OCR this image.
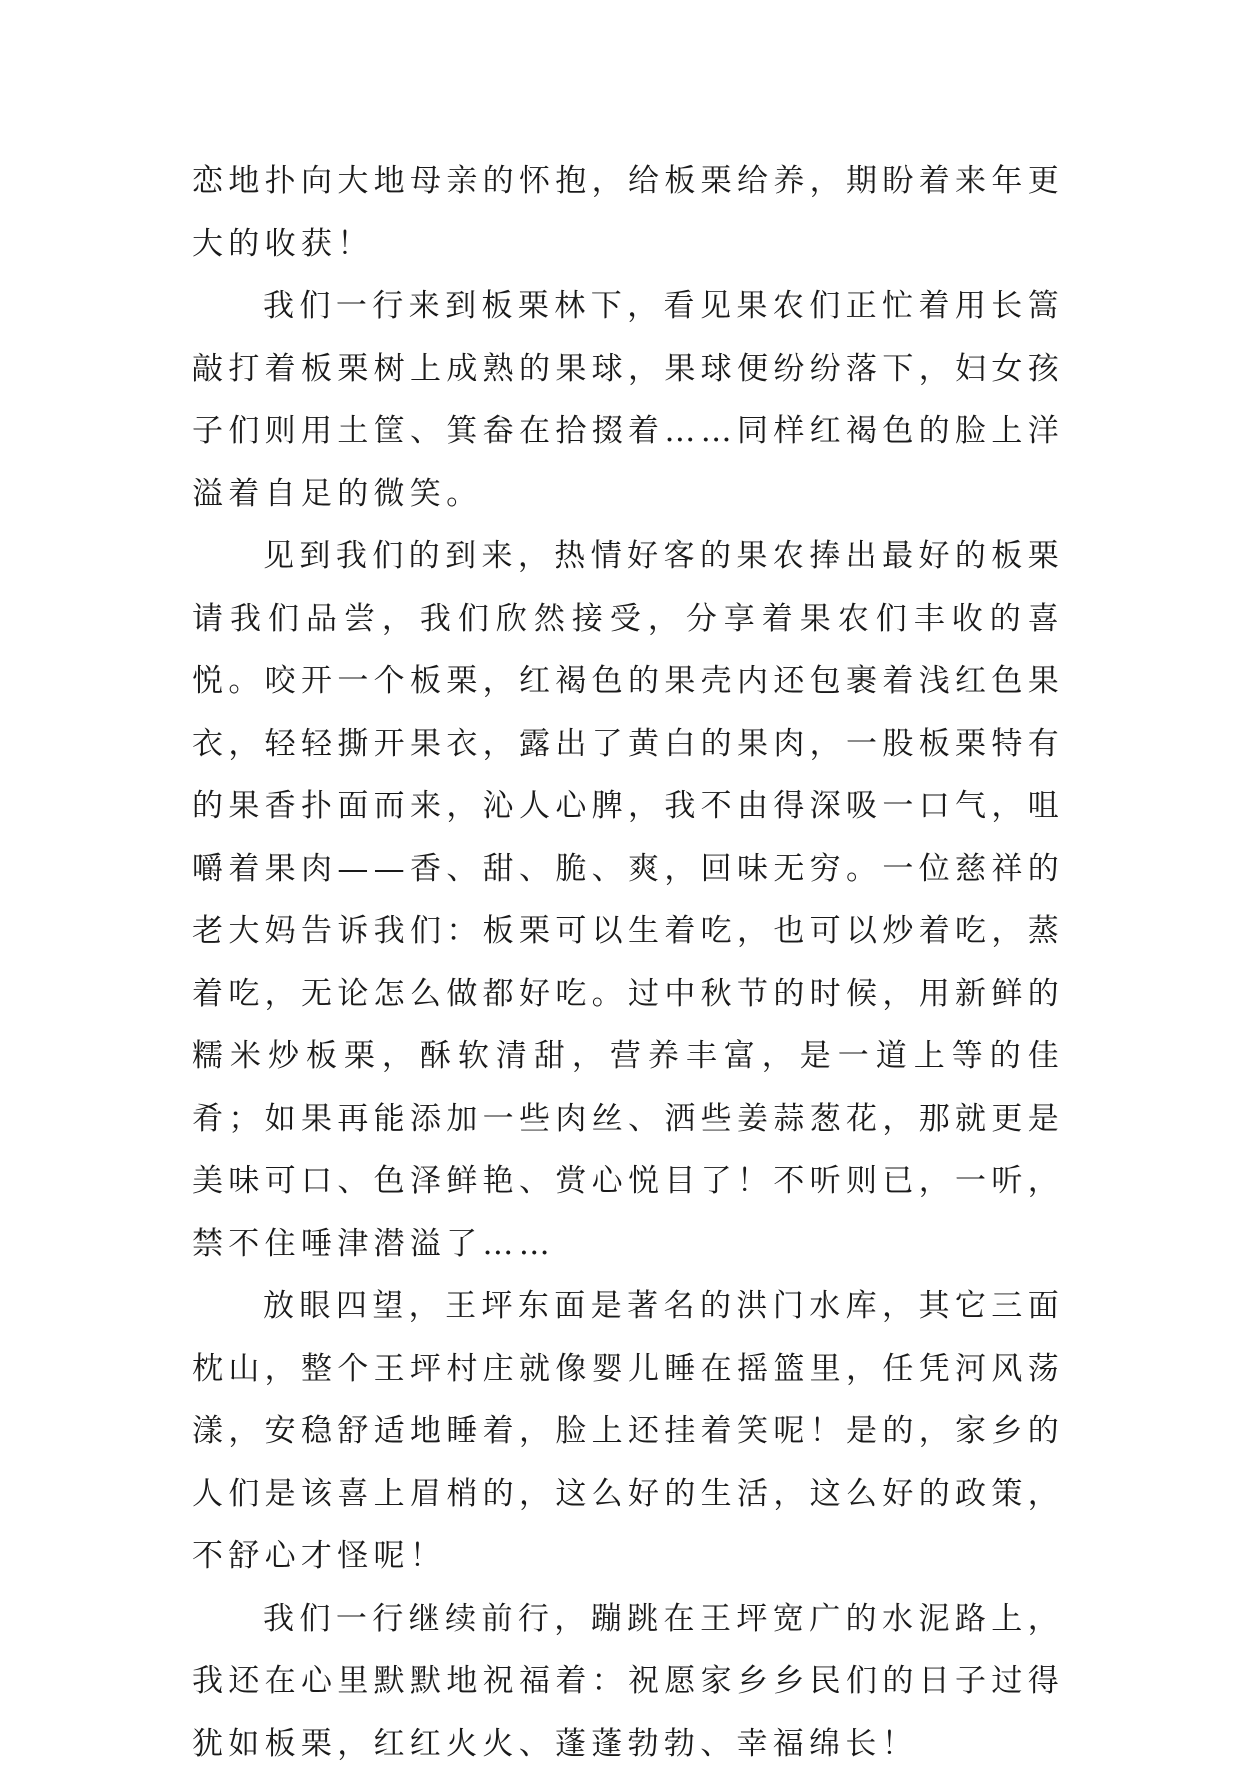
恋地扑向大地母亲的怀抱，给板栗给养，期盼着来年更大的收获！

我们一行来到板栗林下，看见果农们正忙着用长篙敲打着板栗树上成熟的果球，果球便纷纷落下，妇女孩子们则用土筐、箕畚在拾掇着……同样红褐色的脸上洋溢着自足的微笑。

见到我们的到来，热情好客的果农捧出最好的板栗请我们品尝，我们欣然接受，分享着果农们丰收的喜悦。咬开一个板栗，红褐色的果壳内还包裹着浅红色果衣，轻轻撕开果衣，露出了黄白的果肉，一股板栗特有的果香扑面而来，沁人心脾，我不由得深吸一口气，咀嚼着果肉——香、甜、脆、爽，回味无穷。一位慈祥的老大妈告诉我们：板栗可以生着吃，也可以炒着吃，蒸着吃，无论怎么做都好吃。过中秋节的时候，用新鲜的糯米炒板栗，酥软清甜，营养丰富，是一道上等的佳肴；如果再能添加一些肉丝、洒些姜蒜葱花，那就更是美味可口、色泽鲜艳、赏心悦目了！不听则已，一听，禁不住唾津潜溢了……

放眼四望，王坪东面是著名的洪门水库，其它三面枕山，整个王坪村庄就像婴儿睡在摇篮里，任凭河风荡漾，安稳舒适地睡着，脸上还挂着笑呢！是的，家乡的人们是该喜上眉梢的，这么好的生活，这么好的政策，不舒心才怪呢！

我们一行继续前行，蹦跳在王坪宽广的水泥路上，我还在心里默默地祝福着：祝愿家乡乡民们的日子过得犹如板栗，红红火火、蓬蓬勃勃、幸福绵长！
